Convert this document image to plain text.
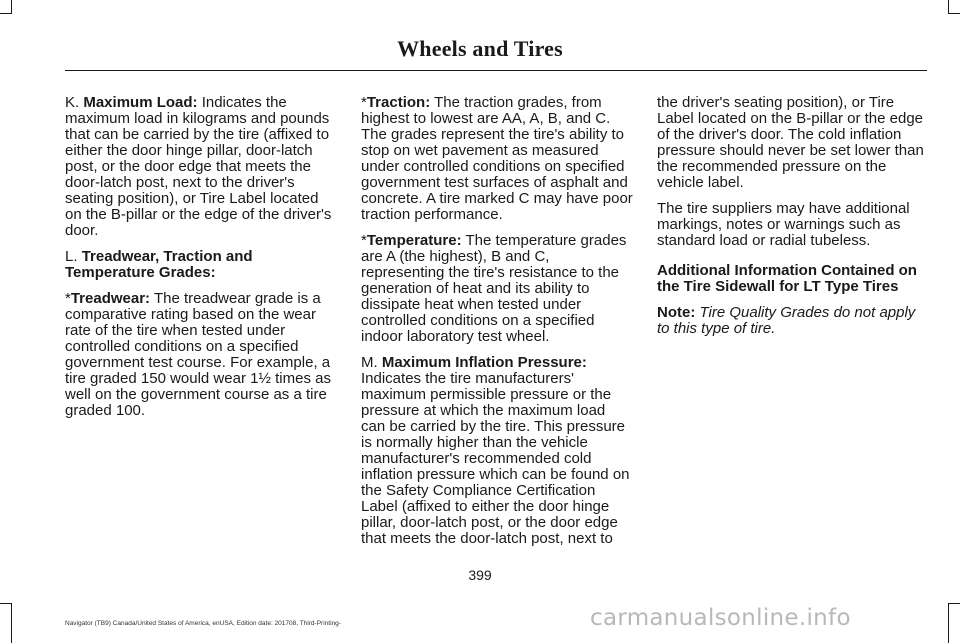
Wheels and Tires

K. Maximum Load: Indicates the maximum load in kilograms and pounds that can be carried by the tire (affixed to either the door hinge pillar, door-latch post, or the door edge that meets the door-latch post, next to the driver's seating position), or Tire Label located on the B-pillar or the edge of the driver's door.

L. Treadwear, Traction and Temperature Grades:

*Treadwear: The treadwear grade is a comparative rating based on the wear rate of the tire when tested under controlled conditions on a specified government test course. For example, a tire graded 150 would wear 1½ times as well on the government course as a tire graded 100.

*Traction: The traction grades, from highest to lowest are AA, A, B, and C. The grades represent the tire's ability to stop on wet pavement as measured under controlled conditions on specified government test surfaces of asphalt and concrete. A tire marked C may have poor traction performance.

*Temperature: The temperature grades are A (the highest), B and C, representing the tire's resistance to the generation of heat and its ability to dissipate heat when tested under controlled conditions on a specified indoor laboratory test wheel.

M. Maximum Inflation Pressure: Indicates the tire manufacturers' maximum permissible pressure or the pressure at which the maximum load can be carried by the tire. This pressure is normally higher than the vehicle manufacturer's recommended cold inflation pressure which can be found on the Safety Compliance Certification Label (affixed to either the door hinge pillar, door-latch post, or the door edge that meets the door-latch post, next to

the driver's seating position), or Tire Label located on the B-pillar or the edge of the driver's door. The cold inflation pressure should never be set lower than the recommended pressure on the vehicle label.

The tire suppliers may have additional markings, notes or warnings such as standard load or radial tubeless.

Additional Information Contained on the Tire Sidewall for LT Type Tires

Note: Tire Quality Grades do not apply to this type of tire.

399
Navigator (TB9) Canada/United States of America, enUSA, Edition date: 201708, Third-Printing-	carmanualsonline.info
